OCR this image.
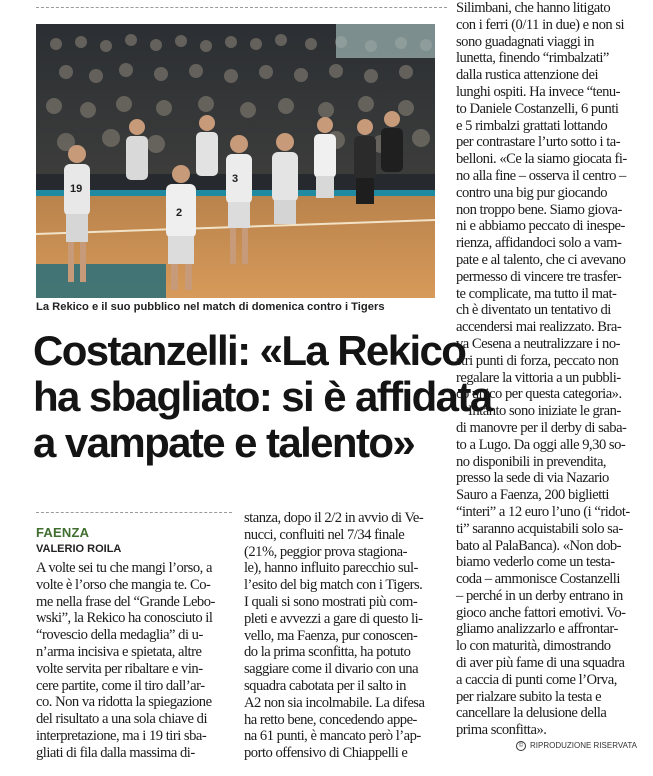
19
2
3
La Rekico e il suo pubblico nel match di domenica contro i Tigers
Costanzelli: «La Rekico
ha sbagliato: si è affidata
a vampate e talento»
FAENZA
VALERIO ROILA
A volte sei tu che mangi l’orso, a
volte è l’orso che mangia te. Co-
me nella frase del “Grande Lebo-
wski”, la Rekico ha conosciuto il
“rovescio della medaglia” di u-
n’arma incisiva e spietata, altre
volte servita per ribaltare e vin-
cere partite, come il tiro dall’ar-
co. Non va ridotta la spiegazione
del risultato a una sola chiave di
interpretazione, ma i 19 tiri sba-
gliati di fila dalla massima di-
stanza, dopo il 2/2 in avvio di Ve-
nucci, confluiti nel 7/34 finale
(21%, peggior prova stagiona-
le), hanno influito parecchio sul-
l’esito del big match con i Tigers.
I quali si sono mostrati più com-
pleti e avvezzi a gare di questo li-
vello, ma Faenza, pur conoscen-
do la prima sconfitta, ha potuto
saggiare come il divario con una
squadra cabotata per il salto in
A2 non sia incolmabile. La difesa
ha retto bene, concedendo appe-
na 61 punti, è mancato però l’ap-
porto offensivo di Chiappelli e
Silimbani, che hanno litigato
con i ferri (0/11 in due) e non si
sono guadagnati viaggi in
lunetta, finendo “rimbalzati”
dalla rustica attenzione dei
lunghi ospiti. Ha invece “tenu-
to Daniele Costanzelli, 6 punti
e 5 rimbalzi grattati lottando
per contrastare l’urto sotto i ta-
belloni. «Ce la siamo giocata fi-
no alla fine – osserva il centro –
contro una big pur giocando
non troppo bene. Siamo giova-
ni e abbiamo peccato di inespe-
rienza, affidandoci solo a vam-
pate e al talento, che ci avevano
permesso di vincere tre trasfer-
te complicate, ma tutto il mat-
ch è diventato un tentativo di
accendersi mai realizzato. Bra-
va Cesena a neutralizzare i no-
stri punti di forza, peccato non
regalare la vittoria a un pubbli-
co unico per questa categoria».
Intanto sono iniziate le gran-
di manovre per il derby di saba-
to a Lugo. Da oggi alle 9,30 so-
no disponibili in prevendita,
presso la sede di via Nazario
Sauro a Faenza, 200 biglietti
“interi” a 12 euro l’uno (i “ridot-
ti” saranno acquistabili solo sa-
bato al PalaBanca). «Non dob-
biamo vederlo come un testa-
coda – ammonisce Costanzelli
– perché in un derby entrano in
gioco anche fattori emotivi. Vo-
gliamo analizzarlo e affrontar-
lo con maturità, dimostrando
di aver più fame di una squadra
a caccia di punti come l’Orva,
per rialzare subito la testa e
cancellare la delusione della
prima sconfitta».
© RIPRODUZIONE RISERVATA
